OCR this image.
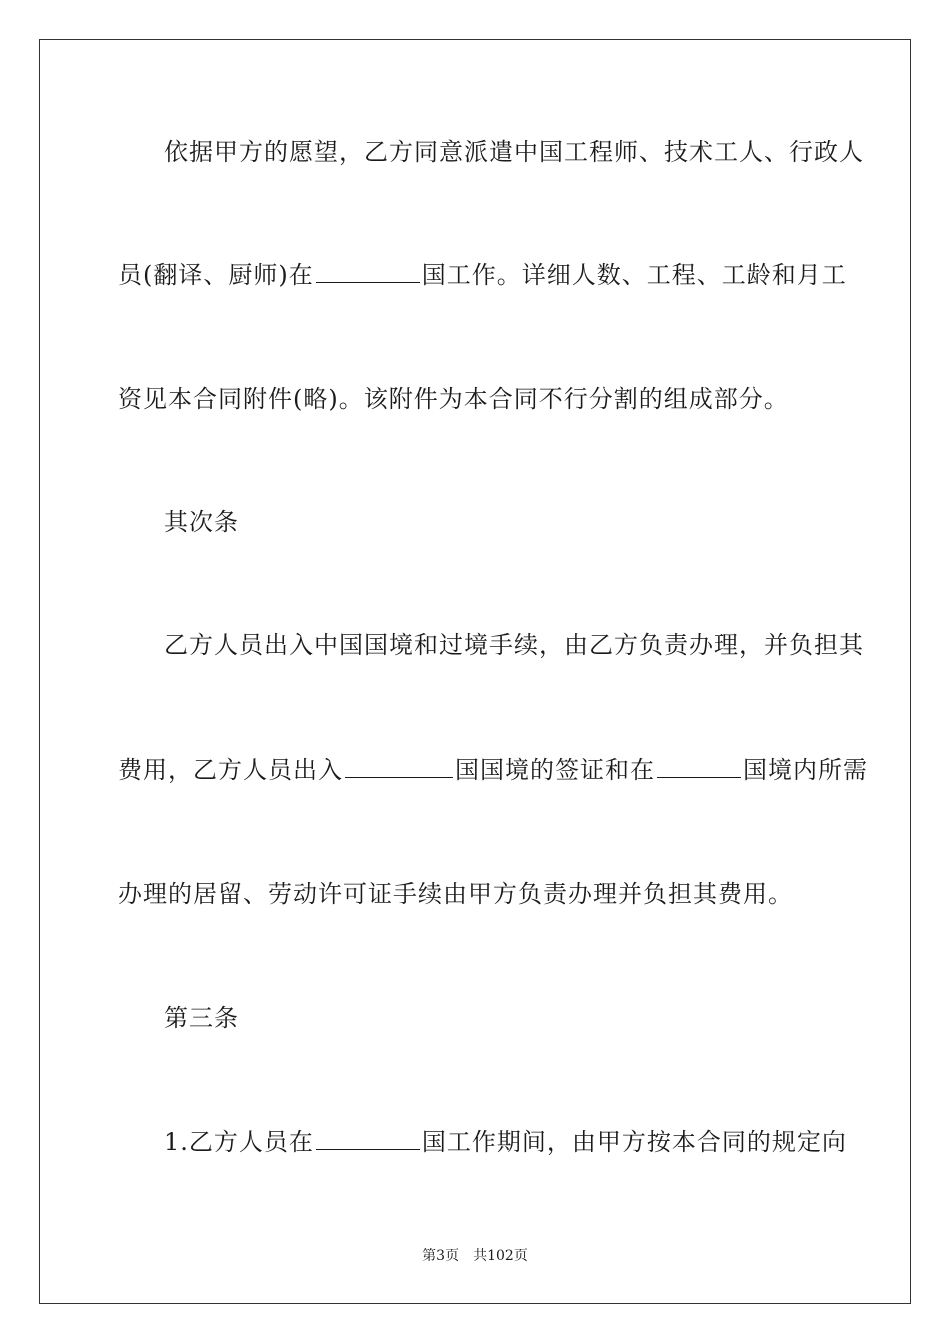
依据甲方的愿望，乙方同意派遣中国工程师、技术工人、行政人
员(翻译、厨师)在	国工作。详细人数、工程、工龄和月工
资见本合同附件(略)。该附件为本合同不行分割的组成部分。
其次条
乙方人员出入中国国境和过境手续，由乙方负责办理，并负担其
费用，乙方人员出入	国国境的签证和在	国境内所需
办理的居留、劳动许可证手续由甲方负责办理并负担其费用。
第三条
1.乙方人员在	国工作期间，由甲方按本合同的规定向
第3页 共102页
